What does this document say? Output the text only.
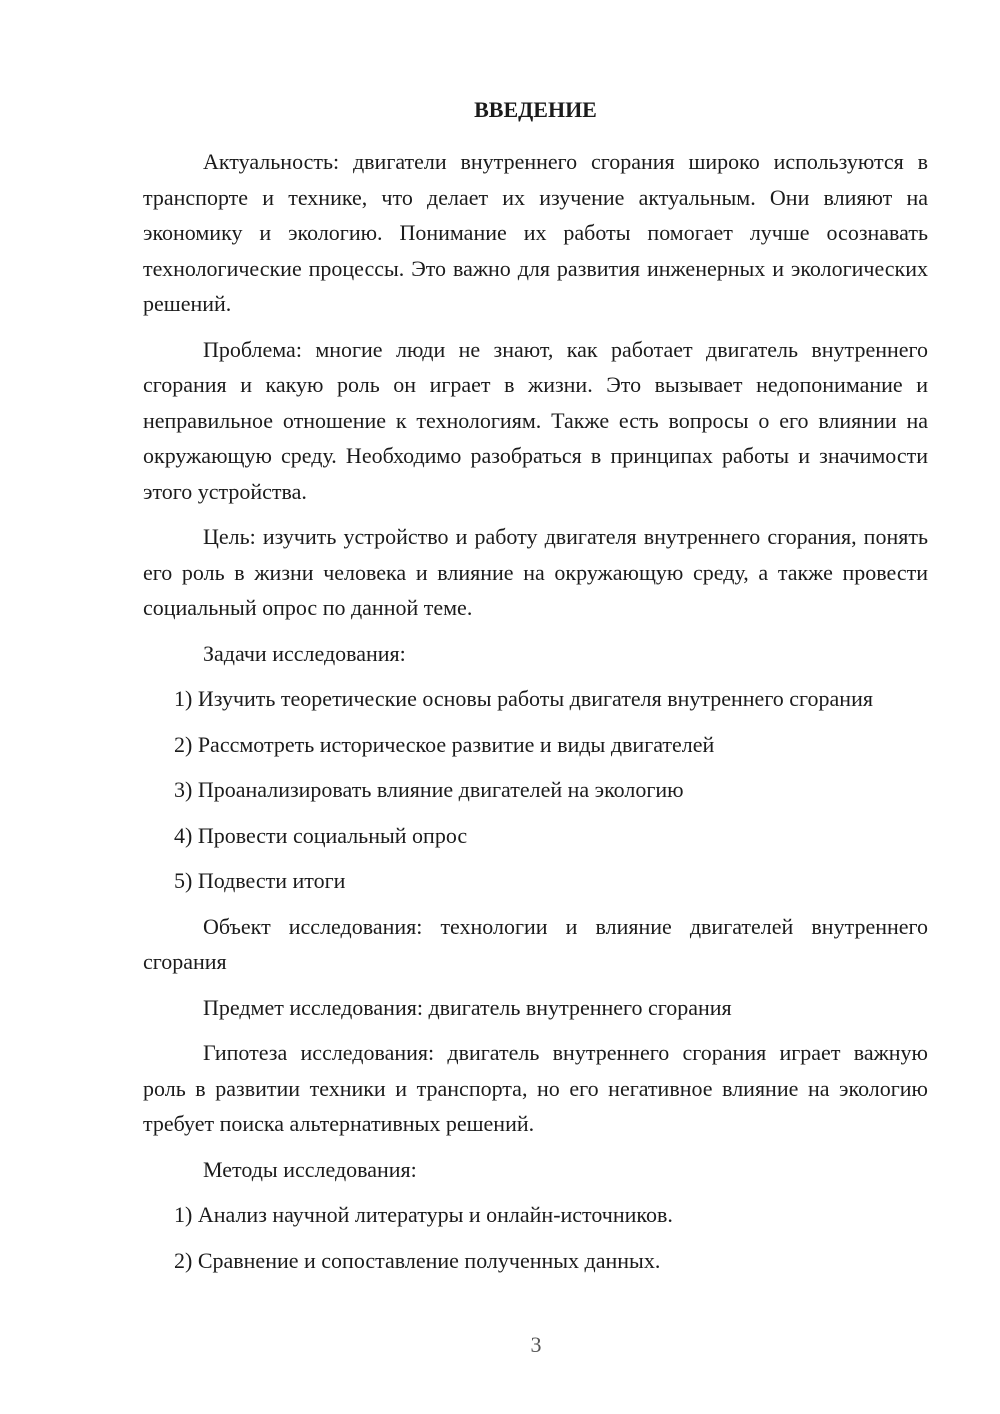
ВВЕДЕНИЕ

Актуальность: двигатели внутреннего сгорания широко используются в транспорте и технике, что делает их изучение актуальным. Они влияют на экономику и экологию. Понимание их работы помогает лучше осознавать технологические процессы. Это важно для развития инженерных и экологических решений.

Проблема: многие люди не знают, как работает двигатель внутреннего сгорания и какую роль он играет в жизни. Это вызывает недопонимание и неправильное отношение к технологиям. Также есть вопросы о его влиянии на окружающую среду. Необходимо разобраться в принципах работы и значимости этого устройства.

Цель: изучить устройство и работу двигателя внутреннего сгорания, понять его роль в жизни человека и влияние на окружающую среду, а также провести социальный опрос по данной теме.

Задачи исследования:

1) Изучить теоретические основы работы двигателя внутреннего сгорания

2) Рассмотреть историческое развитие и виды двигателей

3) Проанализировать влияние двигателей на экологию

4) Провести социальный опрос

5) Подвести итоги

Объект исследования: технологии и влияние двигателей внутреннего сгорания

Предмет исследования: двигатель внутреннего сгорания

Гипотеза исследования: двигатель внутреннего сгорания играет важную роль в развитии техники и транспорта, но его негативное влияние на экологию требует поиска альтернативных решений.

Методы исследования:

1) Анализ научной литературы и онлайн-источников.

2) Сравнение и сопоставление полученных данных.

3
